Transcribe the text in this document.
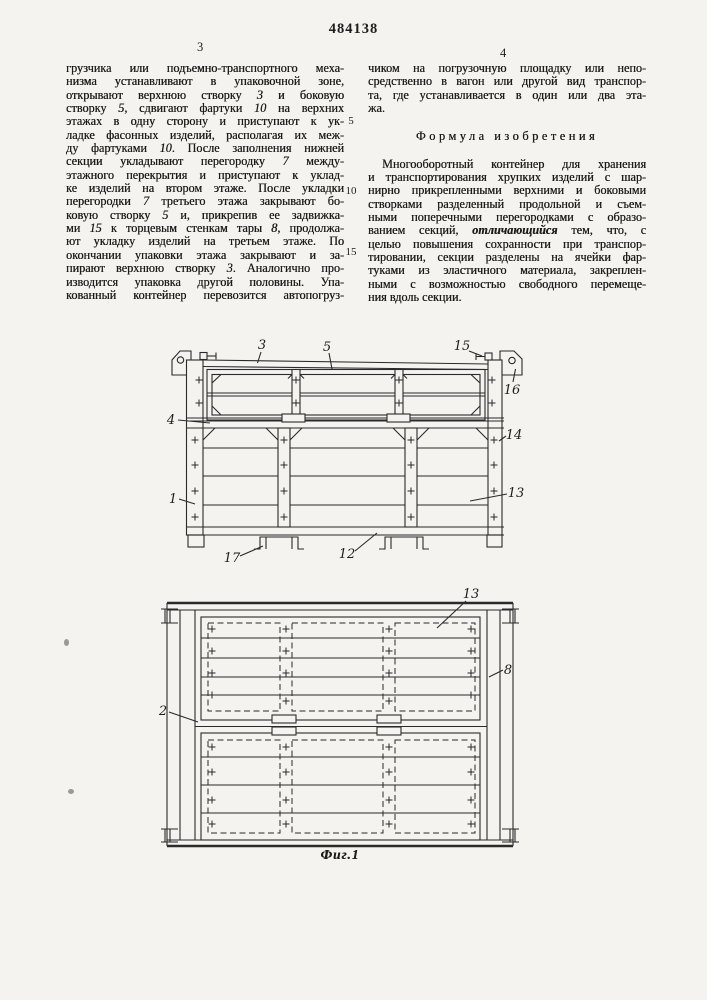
484138
3	4
5
10
15
грузчика или подъемно-транспортного меха-
низма устанавливают в упаковочной зоне,
открывают верхнюю створку 3 и боковую
створку 5, сдвигают фартуки 10 на верхних
этажах в одну сторону и приступают к ук-
ладке фасонных изделий, располагая их меж-
ду фартуками 10. После заполнения нижней
секции укладывают перегородку 7 между-
этажного перекрытия и приступают к уклад-
ке изделий на втором этаже. После укладки
перегородки 7 третьего этажа закрывают бо-
ковую створку 5 и, прикрепив ее задвижка-
ми 15 к торцевым стенкам тары 8, продолжа-
ют укладку изделий на третьем этаже. По
окончании упаковки этажа закрывают и за-
пирают верхнюю створку 3. Аналогично про-
изводится упаковка другой половины. Упа-
кованный контейнер перевозится автопогруз-
чиком на погрузочную площадку или непо-
средственно в вагон или другой вид транспор-
та, где устанавливается в один или два эта-
жа.
Формула изобретения
Многооборотный контейнер для хранения
и транспортирования хрупких изделий с шар-
нирно прикрепленными верхними и боковыми
створками разделенный продольной и съем-
ными поперечными перегородками с образо-
ванием секций, отличающийся тем, что, с
целью повышения сохранности при транспор-
тировании, секции разделены на ячейки фар-
туками из эластичного материала, закреплен-
ными с возможностью свободного перемеще-
ния вдоль секции.
3	5	15
16
4
14
1	13
17	12
13
8
2
Фиг.1
